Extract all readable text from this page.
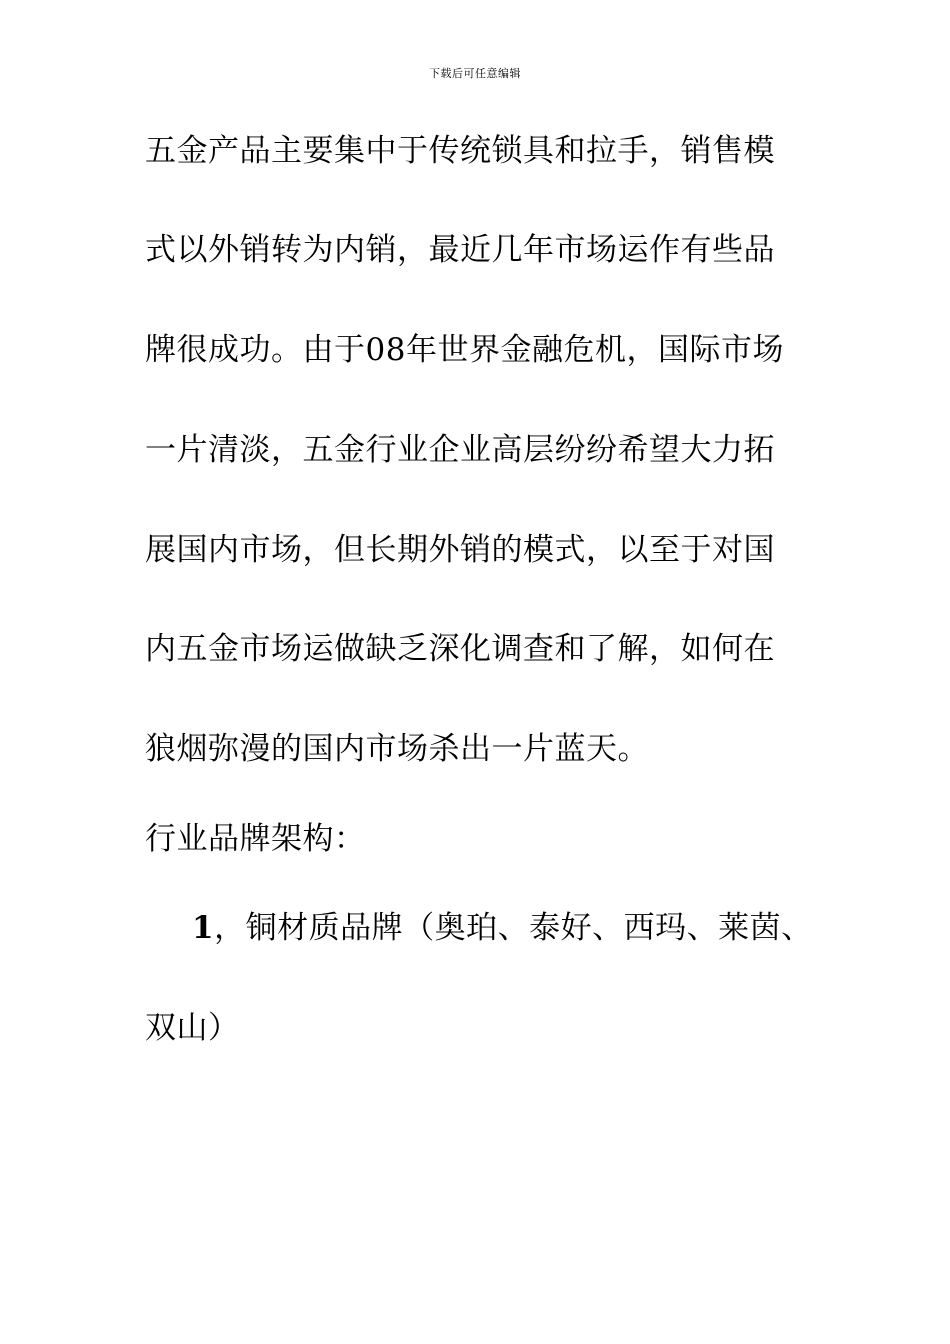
下载后可任意编辑
五金产品主要集中于传统锁具和拉手，销售模
式以外销转为内销，最近几年市场运作有些品
牌很成功。由于08年世界金融危机，国际市场
一片清淡，五金行业企业高层纷纷希望大力拓
展国内市场，但长期外销的模式，以至于对国
内五金市场运做缺乏深化调查和了解，如何在
狼烟弥漫的国内市场杀出一片蓝天。
行业品牌架构：
1，铜材质品牌（奥珀、泰好、西玛、莱茵、
双山）
